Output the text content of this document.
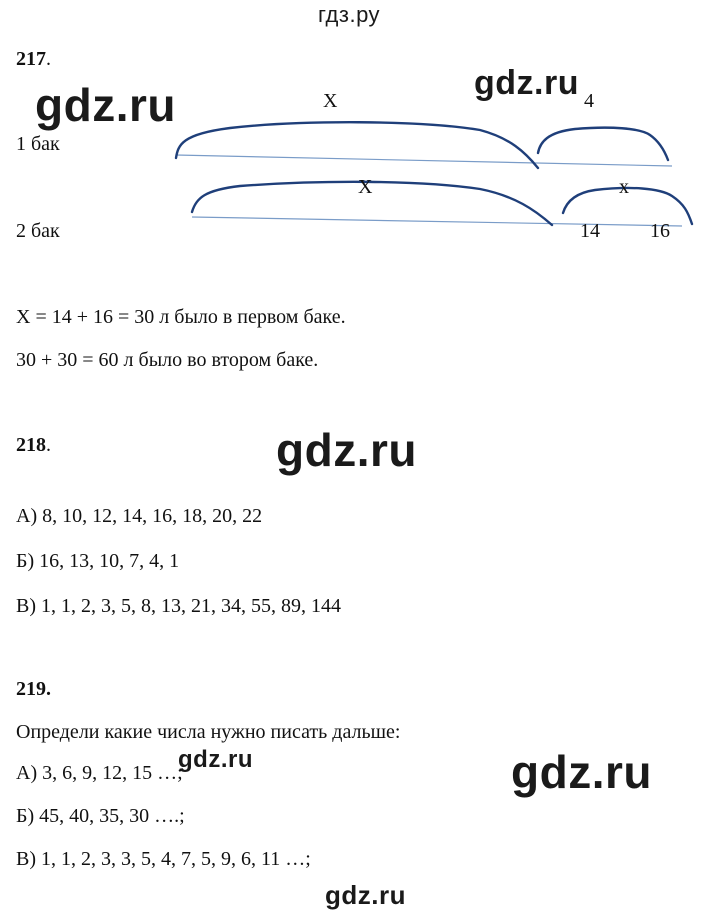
гдз.ру
217.
gdz.ru	gdz.ru
1 бак
2 бак
Х	4
Х	x
14	16
Х = 14 + 16 = 30 л было в первом баке.
30 + 30 = 60 л было во втором баке.
218.	gdz.ru
А) 8, 10, 12, 14, 16, 18, 20, 22
Б) 16, 13, 10, 7, 4, 1
В) 1, 1, 2, 3, 5, 8, 13, 21, 34, 55, 89, 144
219.
Определи какие числа нужно писать дальше:
gdz.ru	gdz.ru
А) 3, 6, 9, 12, 15 …;
Б) 45, 40, 35, 30 ….;
В) 1, 1, 2, 3, 3, 5, 4, 7, 5, 9, 6, 11 …;
gdz.ru
